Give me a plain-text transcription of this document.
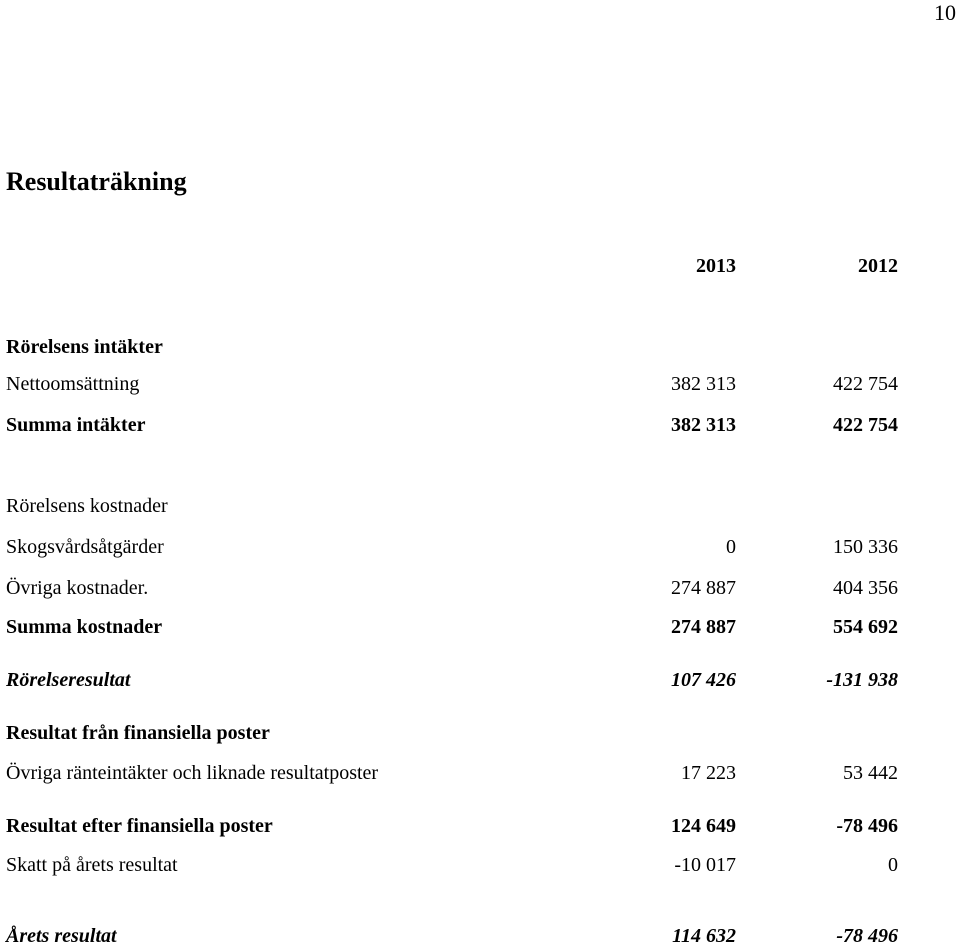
10
Resultaträkning
2013	2012
Rörelsens intäkter
Nettoomsättning	382 313	422 754
Summa intäkter	382 313	422 754
Rörelsens kostnader
Skogsvårdsåtgärder	0	150 336
Övriga kostnader.	274 887	404 356
Summa kostnader	274 887	554 692
Rörelseresultat	107 426	-131 938
Resultat från finansiella poster
Övriga ränteintäkter och liknade resultatposter	17 223	53 442
Resultat efter finansiella poster	124 649	-78 496
Skatt på årets resultat	-10 017	0
Årets resultat	114 632	-78 496
